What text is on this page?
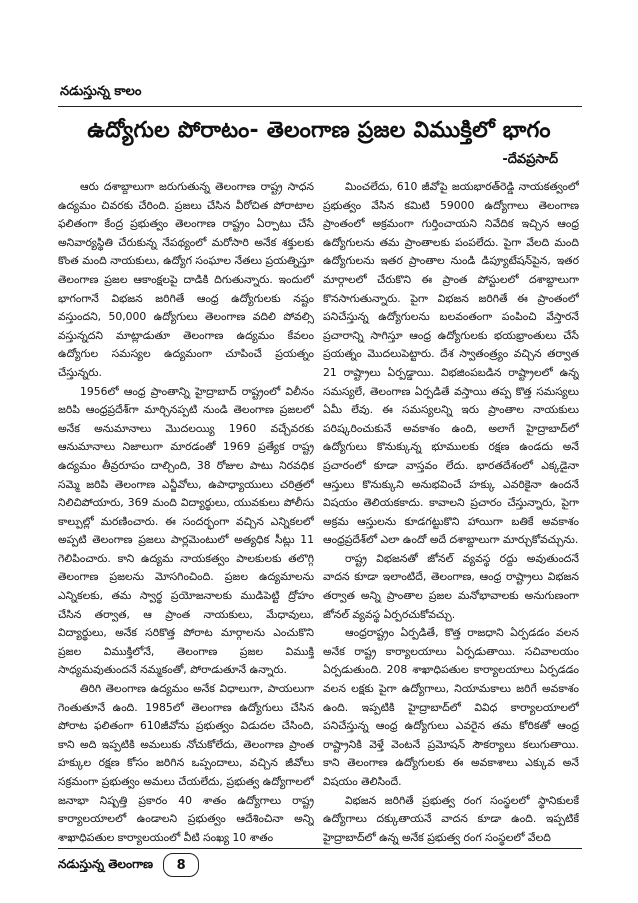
నడుస్తున్న కాలం
ఉద్యోగుల పోరాటం- తెలంగాణ ప్రజల విముక్తిలో భాగం
-దేవప్రసాద్

ఆరు దశాబ్దాలుగా జరుగుతున్న తెలంగాణ రాష్ట్ర సాధన ఉద్యమం చివరకు చేరింది. ప్రజలు చేసిన వీరోచిత పోరాటాల ఫలితంగా కేంద్ర ప్రభుత్వం తెలంగాణ రాష్ట్రం ఏర్పాటు చేసే అనివార్యస్థితి చేరుకున్న నేపథ్యంలో మరోసారి అనేక శక్తులకు కొంత మంది నాయకులు, ఉద్యోగ సంఘాల నేతలు ప్రయత్నిస్తూ తెలంగాణ ప్రజల ఆకాంక్షలపై దాడికి దిగుతున్నారు. ఇందులో భాగంగానే విభజన జరిగితే ఆంధ్ర ఉద్యోగులకు నష్టం వస్తుందని, 50,000 ఉద్యోగులు తెలంగాణ వదిలి పోవల్సి వస్తున్నదని మాట్లాడుతూ తెలంగాణ ఉద్యమం కేవలం ఉద్యోగుల సమస్యల ఉద్యమంగా చూపించే ప్రయత్నం చేస్తున్నరు.

1956లో ఆంధ్ర ప్రాంతాన్ని హైద్రాబాద్ రాష్ట్రంలో విలీనం జరిపి ఆంధ్రప్రదేశ్‌గా మార్చినప్పటి నుండి తెలంగాణ ప్రజలలో అనేక అనుమానాలు మొదలయ్యి 1960 వచ్చేవరకు ఆనుమానాలు నిజాలుగా మారడంతో 1969 ప్రత్యేక రాష్ట్ర ఉద్యమం తీవ్రరూపం దాల్చింది, 38 రోజుల పాటు నిరవధిక సమ్మె జరిపి తెలంగాణ ఎన్జీవోలు, ఉపాధ్యాయులు చరిత్రలో నిలిచిపోయారు, 369 మంది విద్యార్థులు, యువకులు పోలీసు కాల్పుల్లో మరణించారు. ఈ సందర్భంగా వచ్చిన ఎన్నికలలో అప్పటి తెలంగాణ ప్రజలు పార్లమెంటులో అత్యధిక సీట్లు 11 గెలిపించారు. కాని ఉద్యమ నాయకత్వం పాలకులకు తలొగ్గి తెలంగాణ ప్రజలను మోసగించింది. ప్రజల ఉద్యమాలను ఎన్నికలకు, తమ స్వార్థ ప్రయోజనాలకు ముడిపెట్టి ద్రోహం చేసిన తర్వాత, ఆ ప్రాంత నాయకులు, మేధావులు, విద్యార్థులు, అనేక సరికొత్త పోరాట మార్గాలను ఎంచుకొని ప్రజల విముక్తిలోనే, తెలంగాణ ప్రజల విముక్తి సాధ్యమవుతుందనే నమ్మకంతో, పోరాడుతూనే ఉన్నారు.

తిరిగి తెలంగాణ ఉద్యమం అనేక విధాలుగా, పాయలుగా గెంతుతూనే ఉంది. 1985లో తెలంగాణ ఉద్యోగులు చేసిన పోరాట ఫలితంగా 610జీవోను ప్రభుత్వం విడుదల చేసింది, కాని అది ఇప్పటికి అమలుకు నోచుకోలేదు, తెలంగాణ ప్రాంత హక్కుల రక్షణ కోసం జరిగిన ఒప్పందాలు, వచ్చిన జీవోలు సక్రమంగా ప్రభుత్వం అమలు చేయలేదు, ప్రభుత్వ ఉద్యోగాలలో జనాభా నిష్పత్తి ప్రకారం 40 శాతం ఉద్యోగాలు రాష్ట్ర కార్యాలయాలలో ఉండాలని ప్రభుత్వం ఆదేశించినా అన్ని శాఖాధిపతుల కార్యాలయంలో వీటి సంఖ్య 10 శాతం

మించలేదు, 610 జీవోపై జయభారత్‌రెడ్డి నాయకత్వంలో ప్రభుత్వం వేసిన కమిటి 59000 ఉద్యోగాలు తెలంగాణ ప్రాంతంలో అక్రమంగా గుర్తించాయని నివేదిక ఇచ్చిన ఆంధ్ర ఉద్యోగులను తమ ప్రాంతాలకు పంపలేదు. పైగా వేలది మంది ఉద్యోగులను ఇతర ప్రాంతాల నుండి డిప్యూటేషన్‌పైన, ఇతర మార్గాలలో చేరుకొని ఈ ప్రాంత పోస్టులలో దశాబ్దాలుగా కొనసాగుతున్నారు. పైగా విభజన జరిగితే ఈ ప్రాంతంలో పనిచేస్తున్న ఉద్యోగులను బలవంతంగా పంపించి వేస్తారనే ప్రచారాన్ని సాగిస్తూ ఆంధ్ర ఉద్యోగులకు భయభ్రాంతులు చేసే ప్రయత్నం మొదలుపెట్టారు. దేశ స్వాతంత్ర్యం వచ్చిన తర్వాత 21 రాష్ట్రాలు ఏర్పడ్డాయి. విభజింపబడిన రాష్ట్రాలలో ఉన్న సమస్యలే, తెలంగాణ ఏర్పడితే వస్తాయి తప్ప కొత్త సమస్యలు ఏమీ లేవు. ఈ సమస్యలన్ని ఇరు ప్రాంతాల నాయకులు పరిష్కరించుకునే అవకాశం ఉంది, అలాగే హైద్రాబాద్‌లో ఉద్యోగులు కొనుక్కున్న భూములకు రక్షణ ఉండదు అనే ప్రచారంలో కూడా వాస్తవం లేదు. భారతదేశంలో ఎక్కడైనా ఆస్తులు కొనుక్కుని అనుభవించే హక్కు ఎవరికైనా ఉందనే విషయం తెలియకకాదు. కావాలని ప్రచారం చేస్తున్నారు, పైగా అక్రమ ఆస్తులను కూడగట్టుకొని హాయిగా బతికే అవకాశం ఆంధ్రప్రదేశ్‌లో ఎలా ఉందో అదే దశాబ్దాలుగా మార్చుకోవచ్చును.

రాష్ట్ర విభజనతో జోనల్ వ్యవస్థ రద్దు అవుతుందనే వాదన కూడా ఇలాంటిదే, తెలంగాణ, ఆంధ్ర రాష్ట్రాలు విభజన తర్వాత అన్ని ప్రాంతాల ప్రజల మనోభావాలకు అనుగుణంగా జోనల్ వ్యవస్థ ఏర్పరచుకోవచ్చు.

ఆంధ్రరాష్ట్రం ఏర్పడితే, కొత్త రాజధాని ఏర్పడడం వలన అనేక రాష్ట్ర కార్యాలయాలు ఏర్పడుతాయి. సచివాలయం ఏర్పడుతుంది. 208 శాఖాధిపతుల కార్యాలయాలు ఏర్పడడం వలన లక్షకు పైగా ఉద్యోగాలు, నియామకాలు జరిగే అవకాశం ఉంది. ఇప్పటికి హైద్రాబాద్‌లో వివిధ కార్యాలయాలలో పనిచేస్తున్న ఆంధ్ర ఉద్యోగులు ఎవరైన తమ కోరికతో ఆంధ్ర రాష్ట్రానికి వెళ్తే వెంటనే ప్రమోషన్ సౌకర్యాలు కలుగుతాయి. కాని తెలంగాణ ఉద్యోగులకు ఈ అవకాశాలు ఎక్కువ అనే విషయం తెలిసిందే.

విభజన జరిగితే ప్రభుత్వ రంగ సంస్థలలో స్థానికులకే ఉద్యోగాలు దక్కుతాయనే వాదన కూడా ఉంది. ఇప్పటికే హైద్రాబాద్‌లో ఉన్న అనేక ప్రభుత్వ రంగ సంస్థలలో వేలది

నడుస్తున్న తెలంగాణ	8
